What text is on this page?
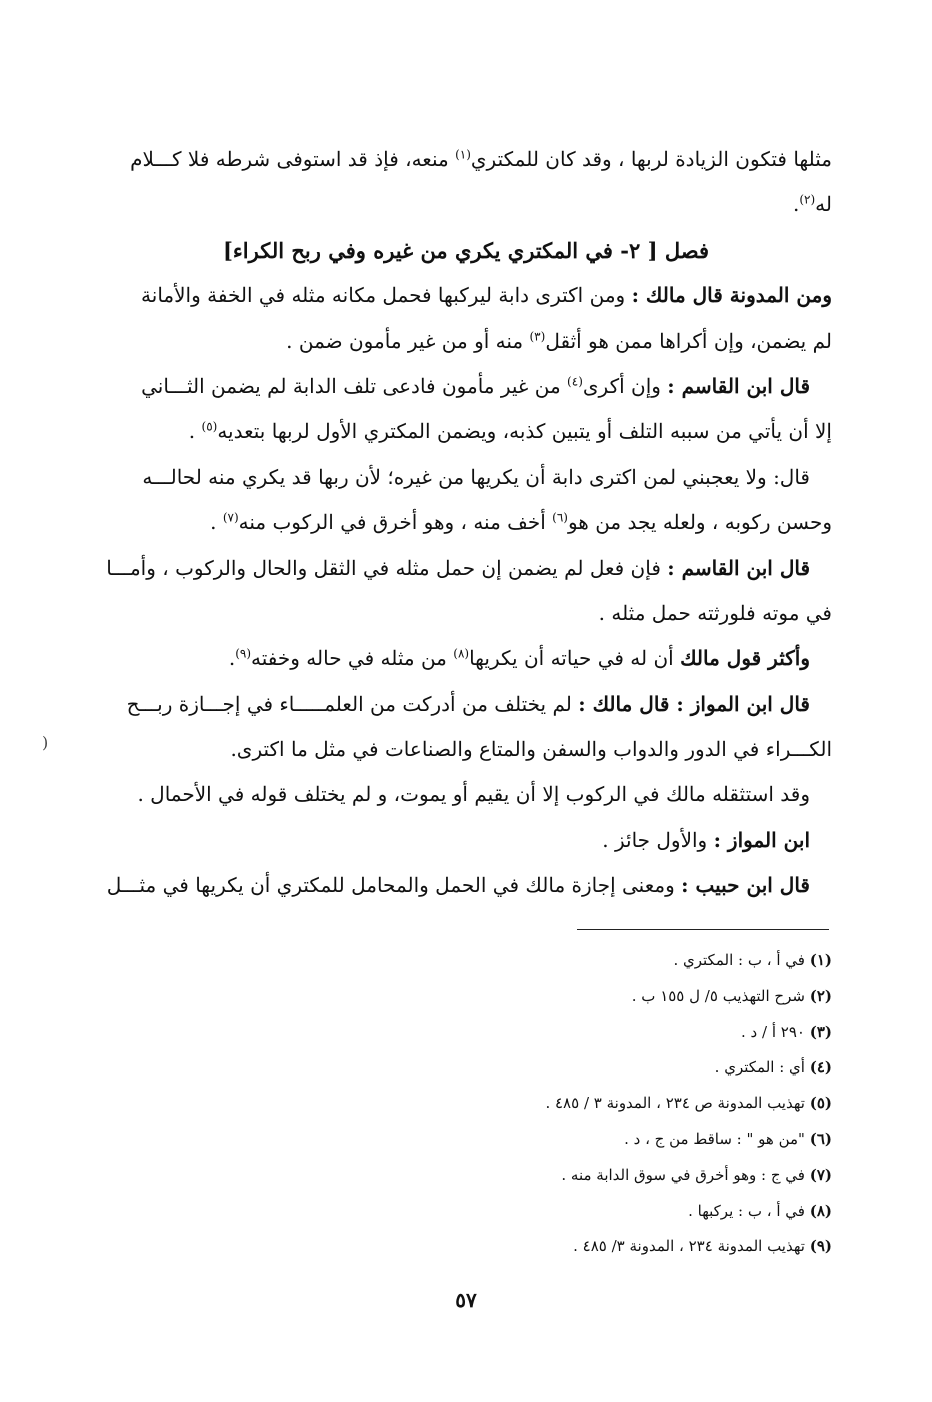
مثلها فتكون الزيادة لربها ، وقد كان للمكتري$^{(١)}$ منعه، فإذ قد استوفى شرطه فلا كـــلام
له$^{(٢)}$.
فصل [ ٢- في المكتري يكري من غيره وفي ربح الكراء]
ومن المدونة قال مالك : ومن اكترى دابة ليركبها فحمل مكانه مثله في الخفة والأمانة
لم يضمن، وإن أكراها ممن هو أثقل$^{(٣)}$ منه أو من غير مأمون ضمن .
قال ابن القاسم : وإن أكرى$^{(٤)}$ من غير مأمون فادعى تلف الدابة لم يضمن الثـــاني
إلا أن يأتي من سببه التلف أو يتبين كذبه، ويضمن المكتري الأول لربها بتعديه$^{(٥)}$ .
قال: ولا يعجبني لمن اكترى دابة أن يكريها من غيره؛ لأن ربها قد يكري منه لحالـــه
وحسن ركوبه ، ولعله يجد من هو$^{(٦)}$ أخف منه ، وهو أخرق في الركوب منه$^{(٧)}$ .
قال ابن القاسم : فإن فعل لم يضمن إن حمل مثله في الثقل والحال والركوب ، وأمـــا
في موته فلورثته حمل مثله .
وأكثر قول مالك أن له في حياته أن يكريها$^{(٨)}$ من مثله في حاله وخفته$^{(٩)}$.
قال ابن المواز : قال مالك : لم يختلف من أدركت من العلمـــــاء في إجـــازة ربـــح
الكـــراء في الدور والدواب والسفن والمتاع والصناعات في مثل ما اكترى.
وقد استثقله مالك في الركوب إلا أن يقيم أو يموت، و لم يختلف قوله في الأحمال .
ابن المواز : والأول جائز .
قال ابن حبيب : ومعنى إجازة مالك في الحمل والمحامل للمكتري أن يكريها في مثـــل
(
(١) في أ ، ب : المكتري .
(٢) شرح التهذيب ٥/ ل ١٥٥ ب .
(٣) ٢٩٠ أ / د .
(٤) أي : المكتري .
(٥) تهذيب المدونة ص ٢٣٤ ، المدونة ٣ / ٤٨٥ .
(٦) "من هو " : ساقط من ج ، د .
(٧) في ج : وهو أخرق في سوق الدابة منه .
(٨) في أ ، ب : يركبها .
(٩) تهذيب المدونة ٢٣٤ ، المدونة ٣/ ٤٨٥ .
٥٧
